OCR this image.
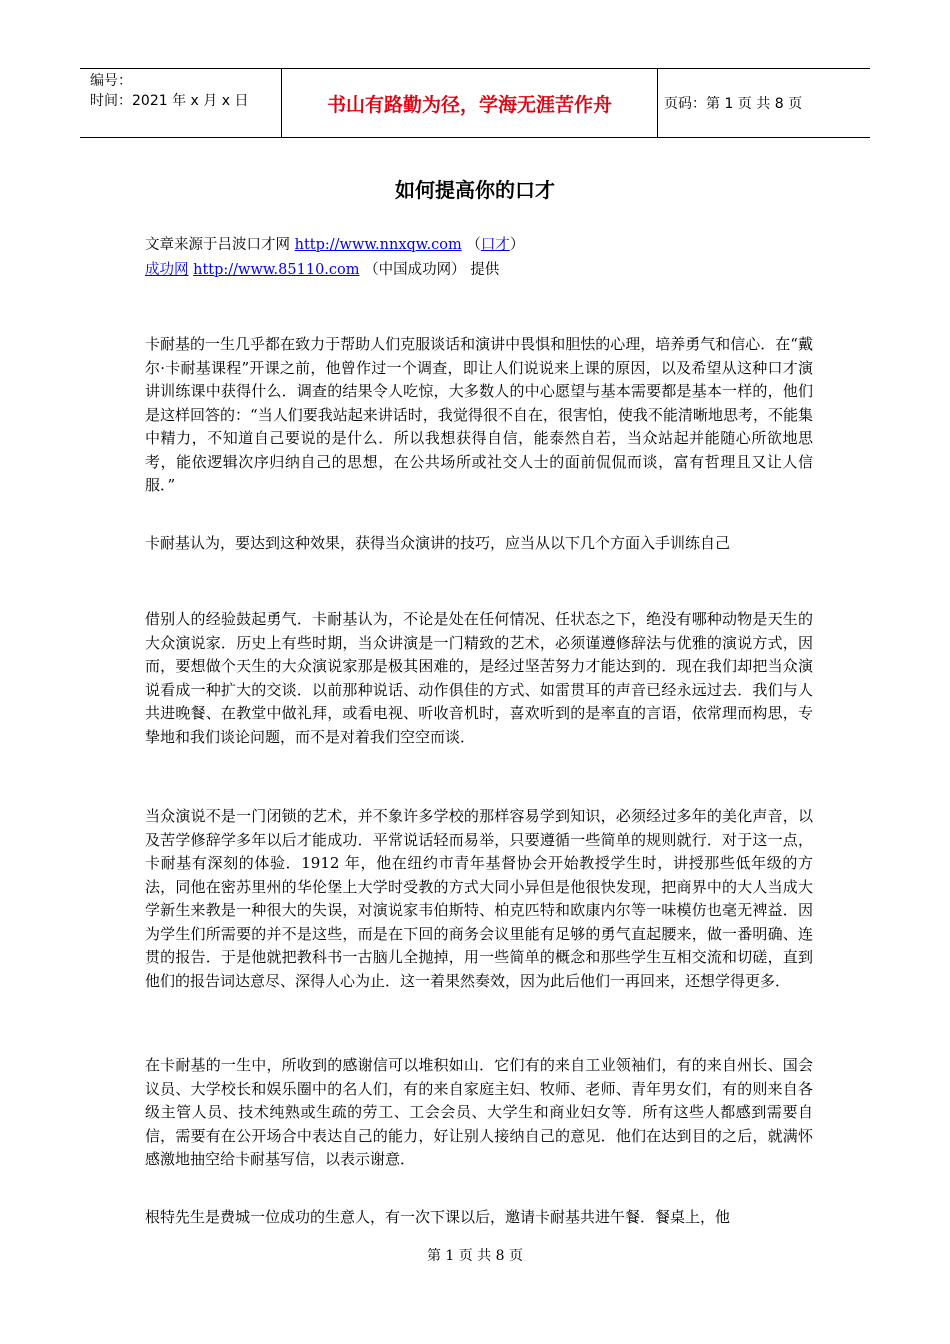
编号：
时间：2021 年 x 月 x 日	书山有路勤为径，学海无涯苦作舟	页码：第 1 页 共 8 页
如何提高你的口才
文章来源于吕波口才网 http://www.nnxqw.com （口才）
成功网 http://www.85110.com （中国成功网） 提供

卡耐基的一生几乎都在致力于帮助人们克服谈话和演讲中畏惧和胆怯的心理，培养勇气和信心．在“戴尔·卡耐基课程”开课之前，他曾作过一个调查，即让人们说说来上课的原因，以及希望从这种口才演讲训练课中获得什么．调查的结果令人吃惊，大多数人的中心愿望与基本需要都是基本一样的，他们是这样回答的：“当人们要我站起来讲话时，我觉得很不自在，很害怕，使我不能清晰地思考，不能集中精力，不知道自己要说的是什么．所以我想获得自信，能泰然自若，当众站起并能随心所欲地思考，能依逻辑次序归纳自己的思想，在公共场所或社交人士的面前侃侃而谈，富有哲理且又让人信服．”

卡耐基认为，要达到这种效果，获得当众演讲的技巧，应当从以下几个方面入手训练自己

借别人的经验鼓起勇气．卡耐基认为，不论是处在任何情况、任状态之下，绝没有哪种动物是天生的大众演说家．历史上有些时期，当众讲演是一门精致的艺术，必须谨遵修辞法与优雅的演说方式，因而，要想做个天生的大众演说家那是极其困难的，是经过坚苦努力才能达到的．现在我们却把当众演说看成一种扩大的交谈．以前那种说话、动作俱佳的方式、如雷贯耳的声音已经永远过去．我们与人共进晚餐、在教堂中做礼拜，或看电视、听收音机时，喜欢听到的是率直的言语，依常理而构思，专挚地和我们谈论问题，而不是对着我们空空而谈．

当众演说不是一门闭锁的艺术，并不象许多学校的那样容易学到知识，必须经过多年的美化声音，以及苦学修辞学多年以后才能成功．平常说话轻而易举，只要遵循一些简单的规则就行．对于这一点，卡耐基有深刻的体验．1912 年，他在纽约市青年基督协会开始教授学生时，讲授那些低年级的方法，同他在密苏里州的华伦堡上大学时受教的方式大同小异但是他很快发现，把商界中的大人当成大学新生来教是一种很大的失误，对演说家韦伯斯特、柏克匹特和欧康内尔等一味模仿也毫无裨益．因为学生们所需要的并不是这些，而是在下回的商务会议里能有足够的勇气直起腰来，做一番明确、连贯的报告．于是他就把教科书一古脑儿全抛掉，用一些简单的概念和那些学生互相交流和切磋，直到他们的报告词达意尽、深得人心为止．这一着果然奏效，因为此后他们一再回来，还想学得更多．

在卡耐基的一生中，所收到的感谢信可以堆积如山．它们有的来自工业领袖们，有的来自州长、国会议员、大学校长和娱乐圈中的名人们，有的来自家庭主妇、牧师、老师、青年男女们，有的则来自各级主管人员、技术纯熟或生疏的劳工、工会会员、大学生和商业妇女等．所有这些人都感到需要自信，需要有在公开场合中表达自己的能力，好让别人接纳自己的意见．他们在达到目的之后，就满怀感激地抽空给卡耐基写信，以表示谢意．

根特先生是费城一位成功的生意人，有一次下课以后，邀请卡耐基共进午餐．餐桌上，他

第 1 页 共 8 页
